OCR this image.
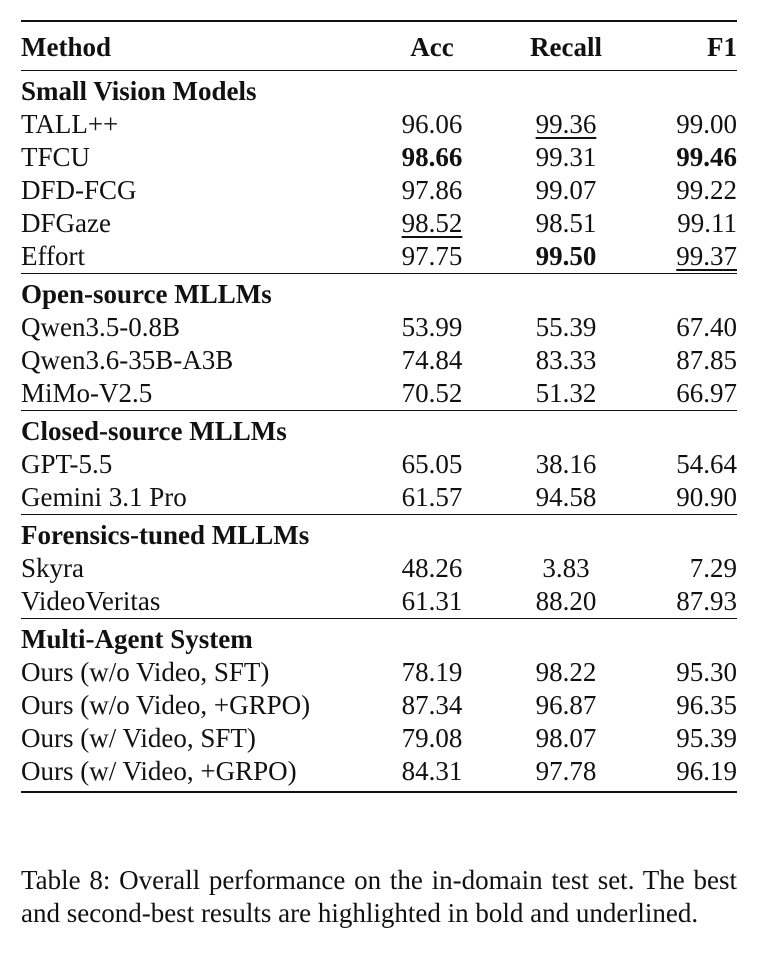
Method	Acc	Recall	F1
Small Vision Models			
TALL++	96.06	99.36	99.00
TFCU	98.66	99.31	99.46
DFD-FCG	97.86	99.07	99.22
DFGaze	98.52	98.51	99.11
Effort	97.75	99.50	99.37
Open-source MLLMs			
Qwen3.5-0.8B	53.99	55.39	67.40
Qwen3.6-35B-A3B	74.84	83.33	87.85
MiMo-V2.5	70.52	51.32	66.97
Closed-source MLLMs			
GPT-5.5	65.05	38.16	54.64
Gemini 3.1 Pro	61.57	94.58	90.90
Forensics-tuned MLLMs			
Skyra	48.26	3.83	7.29
VideoVeritas	61.31	88.20	87.93
Multi-Agent System			
Ours (w/o Video, SFT)	78.19	98.22	95.30
Ours (w/o Video, +GRPO)	87.34	96.87	96.35
Ours (w/ Video, SFT)	79.08	98.07	95.39
Ours (w/ Video, +GRPO)	84.31	97.78	96.19
Table 8: Overall performance on the in-domain test set. The best and second-best results are highlighted in bold and underlined.
